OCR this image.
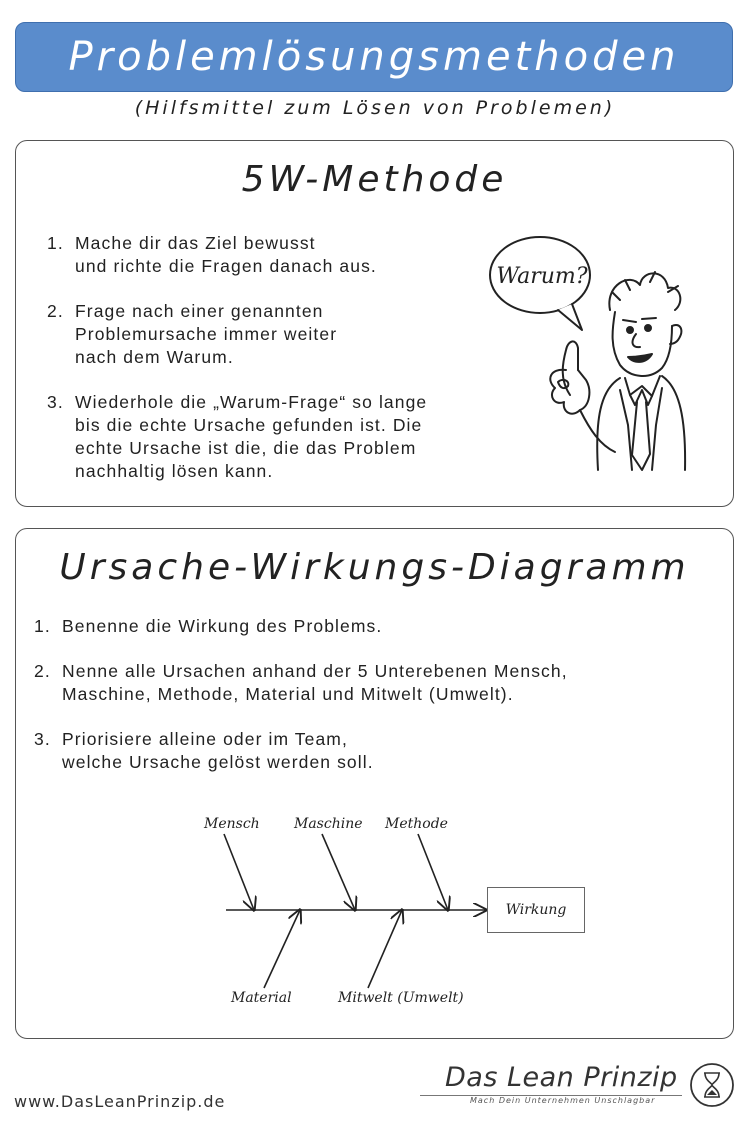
Problemlösungsmethoden
(Hilfsmittel zum Lösen von Problemen)
5W-Methode
1. Mache dir das Ziel bewusst
und richte die Fragen danach aus.
2. Frage nach einer genannten
Problemursache immer weiter
nach dem Warum.
3. Wiederhole die „Warum-Frage“ so lange
bis die echte Ursache gefunden ist. Die
echte Ursache ist die, die das Problem
nachhaltig lösen kann.
Warum?
Ursache-Wirkungs-Diagramm
1. Benenne die Wirkung des Problems.
2. Nenne alle Ursachen anhand der 5 Unterebenen Mensch,
Maschine, Methode, Material und Mitwelt (Umwelt).
3. Priorisiere alleine oder im Team,
welche Ursache gelöst werden soll.
Mensch Maschine Methode
Material	Mitwelt (Umwelt)
Wirkung
www.DasLeanPrinzip.de
Das Lean Prinzip
Mach Dein Unternehmen Unschlagbar
